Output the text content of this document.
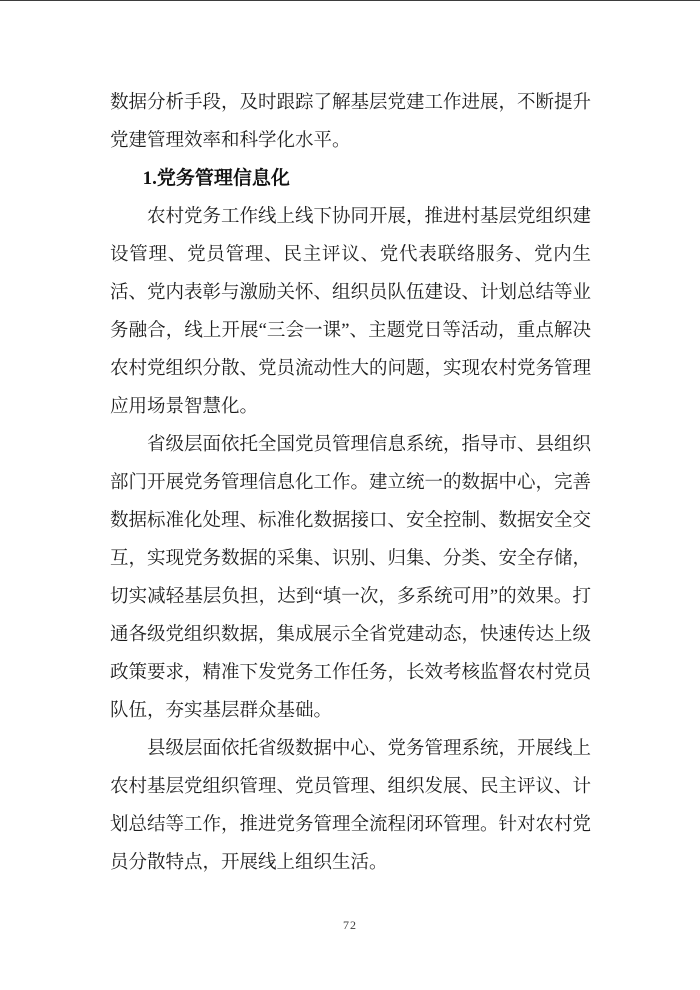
数据分析手段，及时跟踪了解基层党建工作进展，不断提升党建管理效率和科学化水平。

1.党务管理信息化

农村党务工作线上线下协同开展，推进村基层党组织建设管理、党员管理、民主评议、党代表联络服务、党内生活、党内表彰与激励关怀、组织员队伍建设、计划总结等业务融合，线上开展“三会一课”、主题党日等活动，重点解决农村党组织分散、党员流动性大的问题，实现农村党务管理应用场景智慧化。

省级层面依托全国党员管理信息系统，指导市、县组织部门开展党务管理信息化工作。建立统一的数据中心，完善数据标准化处理、标准化数据接口、安全控制、数据安全交互，实现党务数据的采集、识别、归集、分类、安全存储，切实减轻基层负担，达到“填一次，多系统可用”的效果。打通各级党组织数据，集成展示全省党建动态，快速传达上级政策要求，精准下发党务工作任务，长效考核监督农村党员队伍，夯实基层群众基础。

县级层面依托省级数据中心、党务管理系统，开展线上农村基层党组织管理、党员管理、组织发展、民主评议、计划总结等工作，推进党务管理全流程闭环管理。针对农村党员分散特点，开展线上组织生活。

72
